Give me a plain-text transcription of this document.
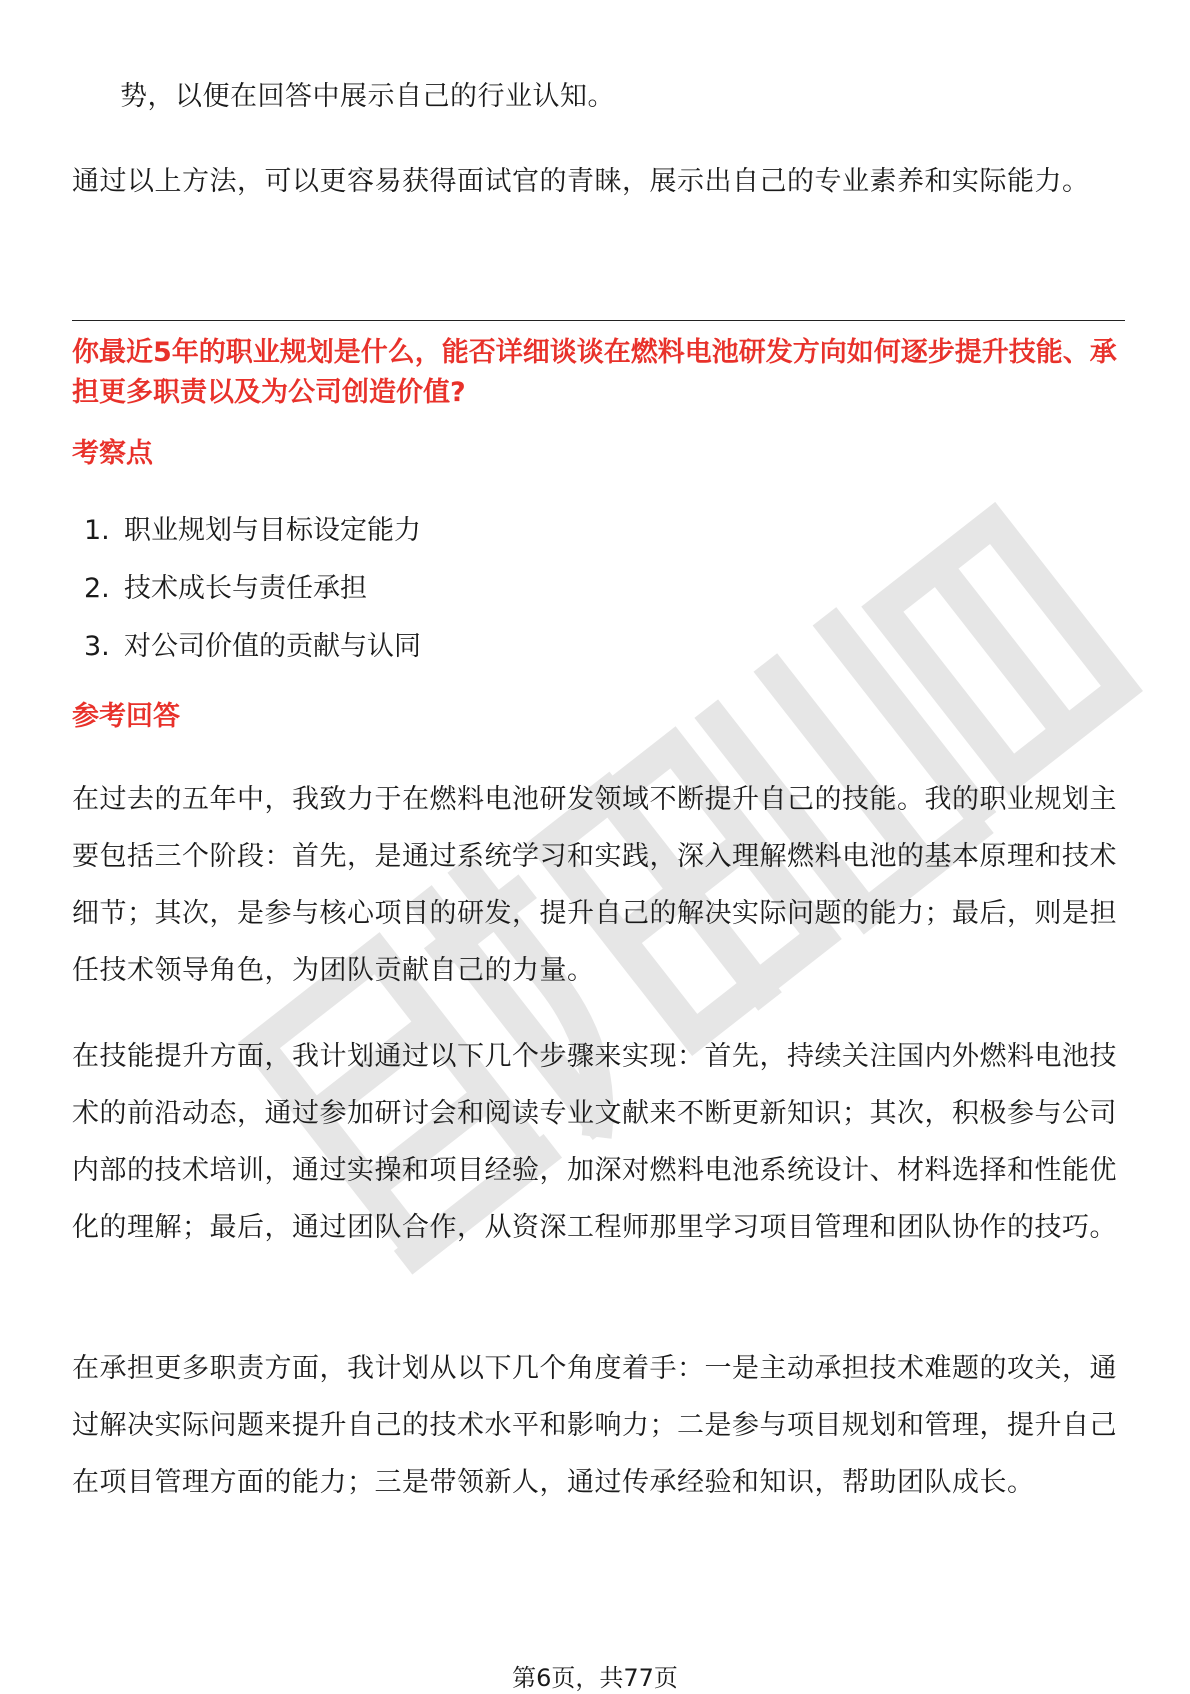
势，以便在回答中展示自己的行业认知。

通过以上方法，可以更容易获得面试官的青睐，展示出自己的专业素养和实际能力。

你最近5年的职业规划是什么，能否详细谈谈在燃料电池研发方向如何逐步提升技能、承担更多职责以及为公司创造价值?

考察点

1. 职业规划与目标设定能力
2. 技术成长与责任承担
3. 对公司价值的贡献与认同

参考回答

在过去的五年中，我致力于在燃料电池研发领域不断提升自己的技能。我的职业规划主要包括三个阶段：首先，是通过系统学习和实践，深入理解燃料电池的基本原理和技术细节；其次，是参与核心项目的研发，提升自己的解决实际问题的能力；最后，则是担任技术领导角色，为团队贡献自己的力量。

在技能提升方面，我计划通过以下几个步骤来实现：首先，持续关注国内外燃料电池技术的前沿动态，通过参加研讨会和阅读专业文献来不断更新知识；其次，积极参与公司内部的技术培训，通过实操和项目经验，加深对燃料电池系统设计、材料选择和性能优化的理解；最后，通过团队合作，从资深工程师那里学习项目管理和团队协作的技巧。

在承担更多职责方面，我计划从以下几个角度着手：一是主动承担技术难题的攻关，通过解决实际问题来提升自己的技术水平和影响力；二是参与项目规划和管理，提升自己在项目管理方面的能力；三是带领新人，通过传承经验和知识，帮助团队成长。

第6页，共77页
